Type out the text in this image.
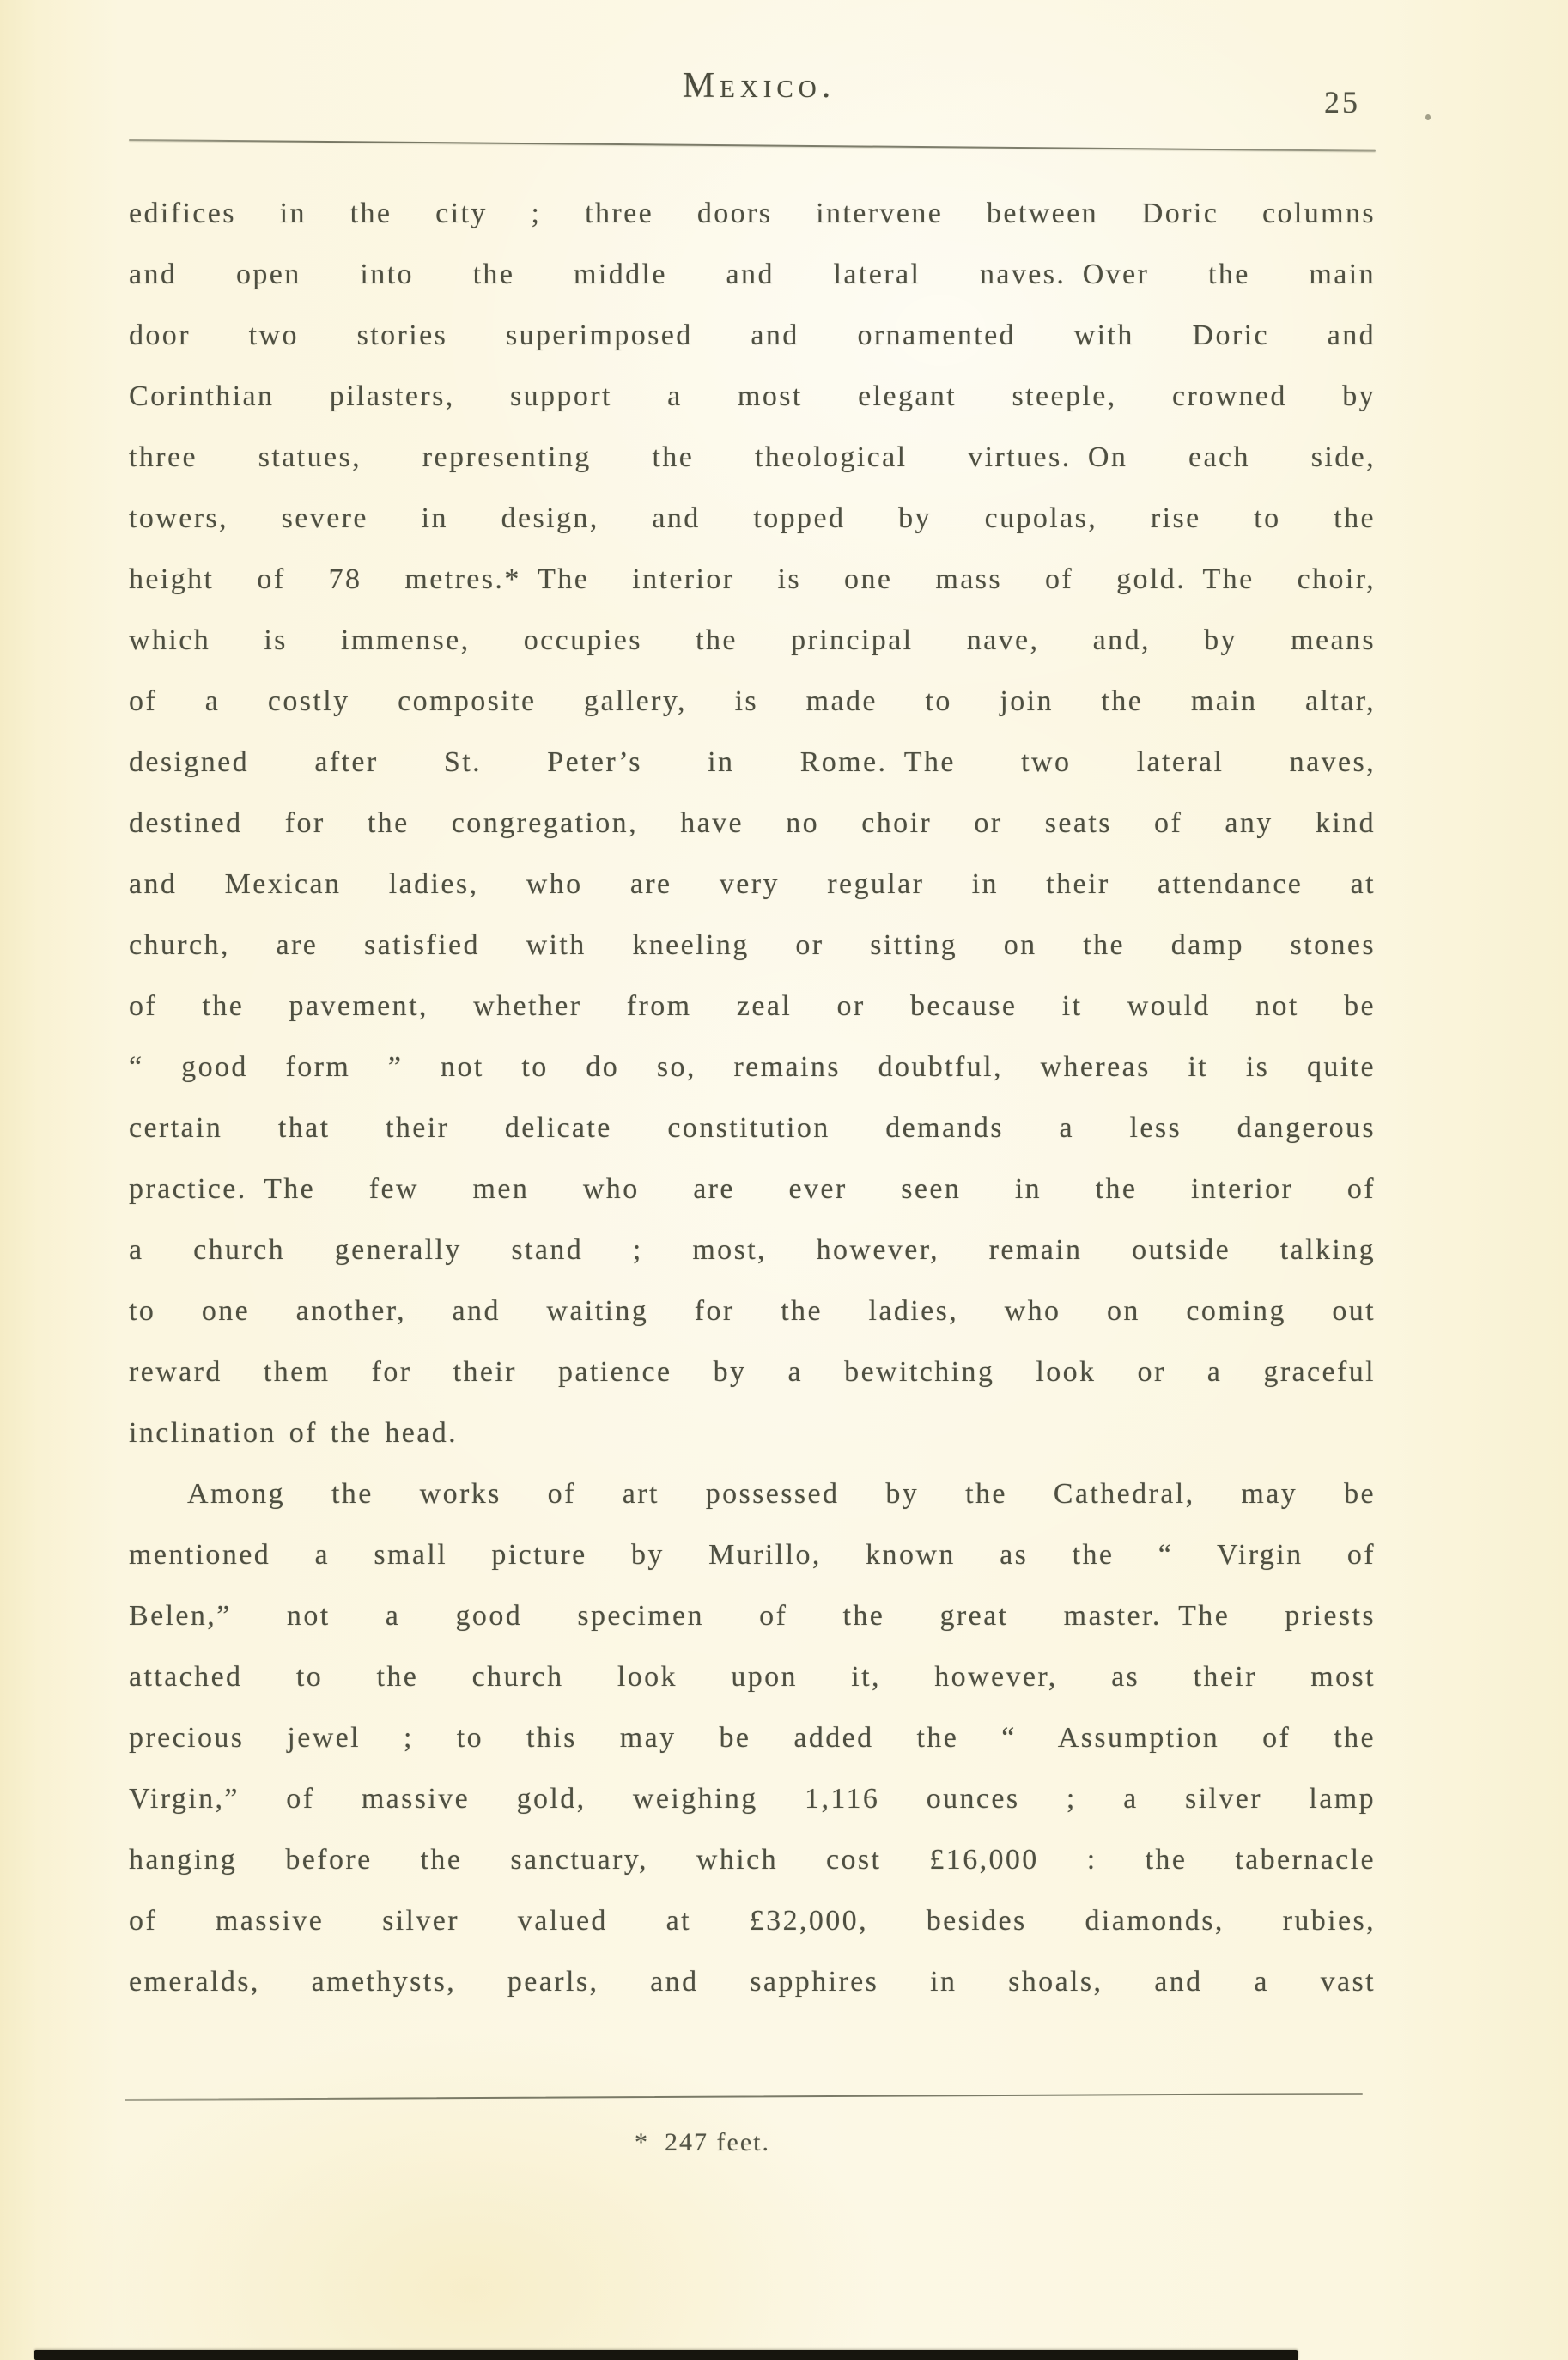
Mexico.	25
edifices in the city ; three doors intervene between Doric columns
and open into the middle and lateral naves. Over the main
door two stories superimposed and ornamented with Doric and
Corinthian pilasters, support a most elegant steeple, crowned by
three statues, representing the theological virtues. On each side,
towers, severe in design, and topped by cupolas, rise to the
height of 78 metres.* The interior is one mass of gold. The choir,
which is immense, occupies the principal nave, and, by means
of a costly composite gallery, is made to join the main altar,
designed after St. Peter’s in Rome. The two lateral naves,
destined for the congregation, have no choir or seats of any kind
and Mexican ladies, who are very regular in their attendance at
church, are satisfied with kneeling or sitting on the damp stones
of the pavement, whether from zeal or because it would not be
“ good form ” not to do so, remains doubtful, whereas it is quite
certain that their delicate constitution demands a less dangerous
practice. The few men who are ever seen in the interior of
a church generally stand ; most, however, remain outside talking
to one another, and waiting for the ladies, who on coming out
reward them for their patience by a bewitching look or a graceful
inclination of the head.
Among the works of art possessed by the Cathedral, may be
mentioned a small picture by Murillo, known as the “ Virgin of
Belen,” not a good specimen of the great master. The priests
attached to the church look upon it, however, as their most
precious jewel ; to this may be added the “ Assumption of the
Virgin,” of massive gold, weighing 1,116 ounces ; a silver lamp
hanging before the sanctuary, which cost £16,000 : the tabernacle
of massive silver valued at £32,000, besides diamonds, rubies,
emeralds, amethysts, pearls, and sapphires in shoals, and a vast
* 247 feet.
